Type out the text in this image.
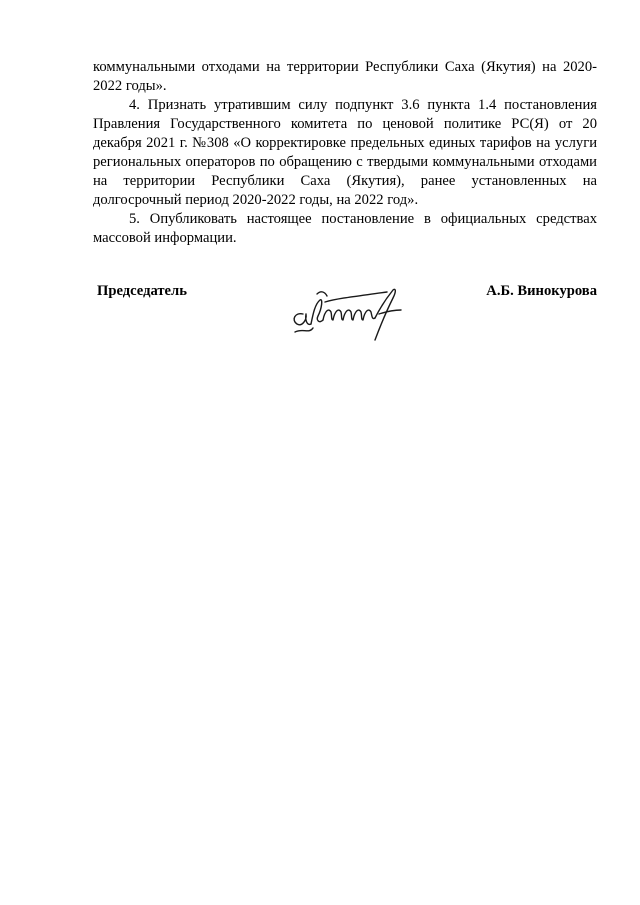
коммунальными отходами на территории Республики Саха (Якутия) на 2020-2022 годы».

4. Признать утратившим силу подпункт 3.6 пункта 1.4 постановления Правления Государственного комитета по ценовой политике РС(Я) от 20 декабря 2021 г. №308 «О корректировке предельных единых тарифов на услуги региональных операторов по обращению с твердыми коммунальными отходами на территории Республики Саха (Якутия), ранее установленных на долгосрочный период 2020-2022 годы, на 2022 год».

5. Опубликовать настоящее постановление в официальных средствах массовой информации.

Председатель	А.Б. Винокурова
